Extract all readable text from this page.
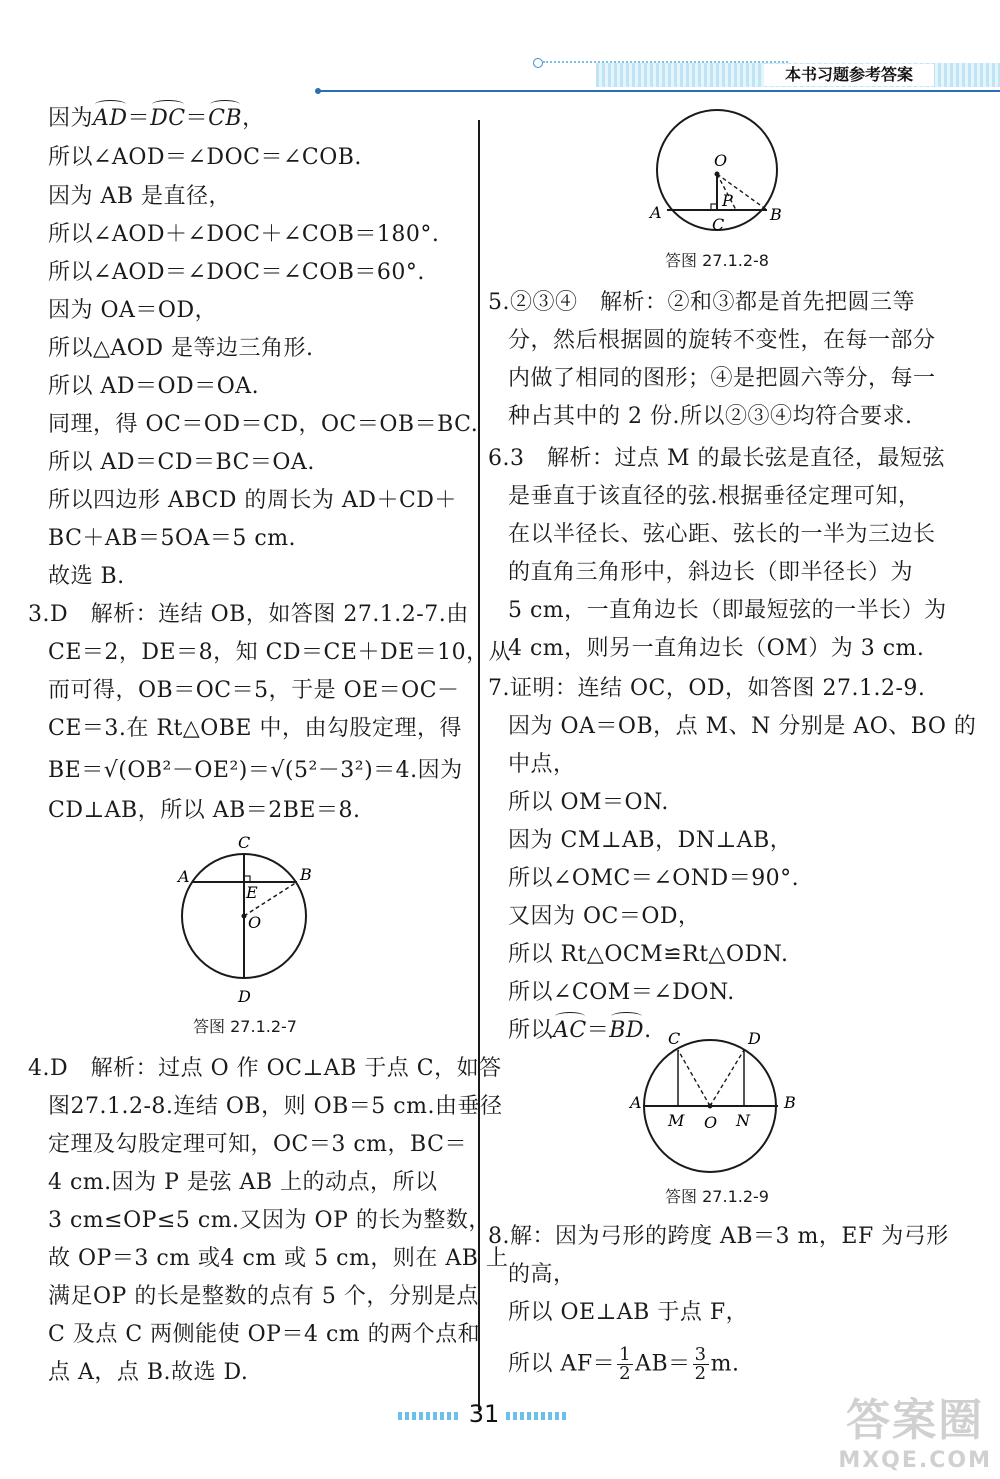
本书习题参考答案
因为AD＝DC＝CB，
所以∠AOD＝∠DOC＝∠COB.
因为 AB 是直径，
所以∠AOD＋∠DOC＋∠COB＝180°.
所以∠AOD＝∠DOC＝∠COB＝60°.
因为 OA＝OD，
所以△AOD 是等边三角形.
所以 AD＝OD＝OA.
同理，得 OC＝OD＝CD，OC＝OB＝BC.
所以 AD＝CD＝BC＝OA.
所以四边形 ABCD 的周长为 AD＋CD＋
BC＋AB＝5OA＝5 cm.
故选 B.
3.D　解析：连结 OB，如答图 27.1.2-7.由
CE＝2，DE＝8，知 CD＝CE＋DE＝10，从
而可得，OB＝OC＝5，于是 OE＝OC－
CE＝3.在 Rt△OBE 中，由勾股定理，得
BE＝√(OB²－OE²)＝√(5²－3²)＝4.因为
CD⊥AB，所以 AB＝2BE＝8.
C
A	B
E
O
D
答图 27.1.2-7
4.D　解析：过点 O 作 OC⊥AB 于点 C，如答
图27.1.2-8.连结 OB，则 OB＝5 cm.由垂径
定理及勾股定理可知，OC＝3 cm，BC＝
4 cm.因为 P 是弦 AB 上的动点，所以
3 cm≤OP≤5 cm.又因为 OP 的长为整数，
故 OP＝3 cm 或4 cm 或 5 cm，则在 AB 上
满足OP 的长是整数的点有 5 个，分别是点
C 及点 C 两侧能使 OP＝4 cm 的两个点和
点 A，点 B.故选 D.
O
P
A
C
B
答图 27.1.2-8
5.②③④　解析：②和③都是首先把圆三等
分，然后根据圆的旋转不变性，在每一部分
内做了相同的图形；④是把圆六等分，每一
种占其中的 2 份.所以②③④均符合要求.
6.3　解析：过点 M 的最长弦是直径，最短弦
是垂直于该直径的弦.根据垂径定理可知，
在以半径长、弦心距、弦长的一半为三边长
的直角三角形中，斜边长（即半径长）为
5 cm，一直角边长（即最短弦的一半长）为
4 cm，则另一直角边长（OM）为 3 cm.
7.证明：连结 OC，OD，如答图 27.1.2-9.
因为 OA＝OB，点 M、N 分别是 AO、BO 的
中点，
所以 OM＝ON.
因为 CM⊥AB，DN⊥AB，
所以∠OMC＝∠OND＝90°.
又因为 OC＝OD，
所以 Rt△OCM≌Rt△ODN.
所以∠COM＝∠DON.
所以AC＝BD. C	D
A
M O N
B
答图 27.1.2-9
8.解：因为弓形的跨度 AB＝3 m，EF 为弓形
的高，
所以 OE⊥AB 于点 F，
所以 $AF= \frac{1}{2} AB= \frac{3}{2} m$.
31	答案圈
MXQE.COM
